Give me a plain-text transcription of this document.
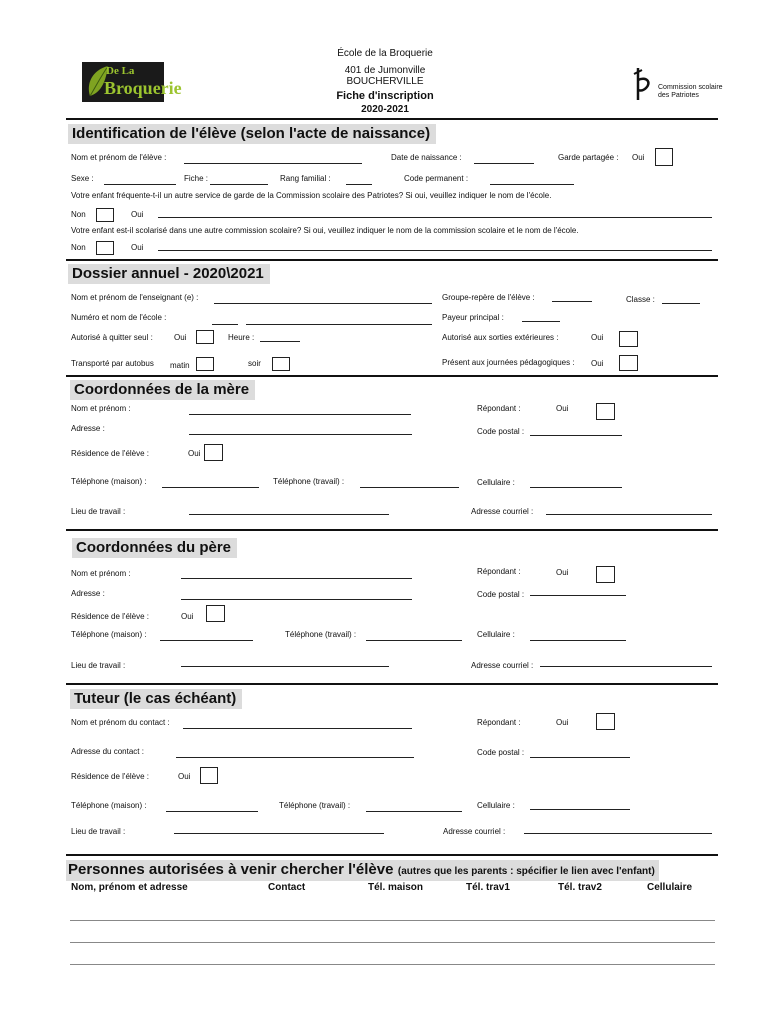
De La
Broquerie
École de la Broquerie
401 de Jumonville
BOUCHERVILLE
Fiche d'inscription
2020-2021
Commission scolaire
des Patriotes
Identification de l'élève (selon l'acte de naissance)
Nom et prénom de l'élève :	Date de naissance :	Garde partagée : Oui
Sexe :	Fiche :	Rang familial :	Code permanent :
Votre enfant fréquente-t-il un autre service de garde de la Commission scolaire des Patriotes? Si oui, veuillez indiquer le nom de l'école.
Non	Oui
Votre enfant est-il scolarisé dans une autre commission scolaire? Si oui, veuillez indiquer le nom de la commission scolaire et le nom de l'école.
Non	Oui
Dossier annuel - 2020\2021
Nom et prénom de l'enseignant (e) :	Groupe-repère de l'élève :	Classe :
Numéro et nom de l'école :	Payeur principal :
Autorisé à quitter seul :	Oui	Heure :	Autorisé aux sorties extérieures :	Oui
Transporté par autobus matin	soir	Présent aux journées pédagogiques : Oui
Coordonnées de la mère
Nom et prénom :	Répondant :	Oui
Adresse :	Code postal :
Résidence de l'élève :	Oui
Téléphone (maison) :	Téléphone (travail) :	Cellulaire :
Lieu de travail :	Adresse courriel :
Coordonnées du père
Nom et prénom :	Répondant :	Oui
Adresse :	Code postal :
Résidence de l'élève :	Oui
Téléphone (maison) :	Téléphone (travail) :	Cellulaire :
Lieu de travail :	Adresse courriel :
Tuteur (le cas échéant)
Nom et prénom du contact :	Répondant :	Oui
Adresse du contact :	Code postal :
Résidence de l'élève :	Oui
Téléphone (maison) :	Téléphone (travail) :	Cellulaire :
Lieu de travail :	Adresse courriel :
Personnes autorisées à venir chercher l'élève (autres que les parents : spécifier le lien avec l'enfant)
Nom, prénom et adresse	Contact	Tél. maison	Tél. trav1	Tél. trav2	Cellulaire
